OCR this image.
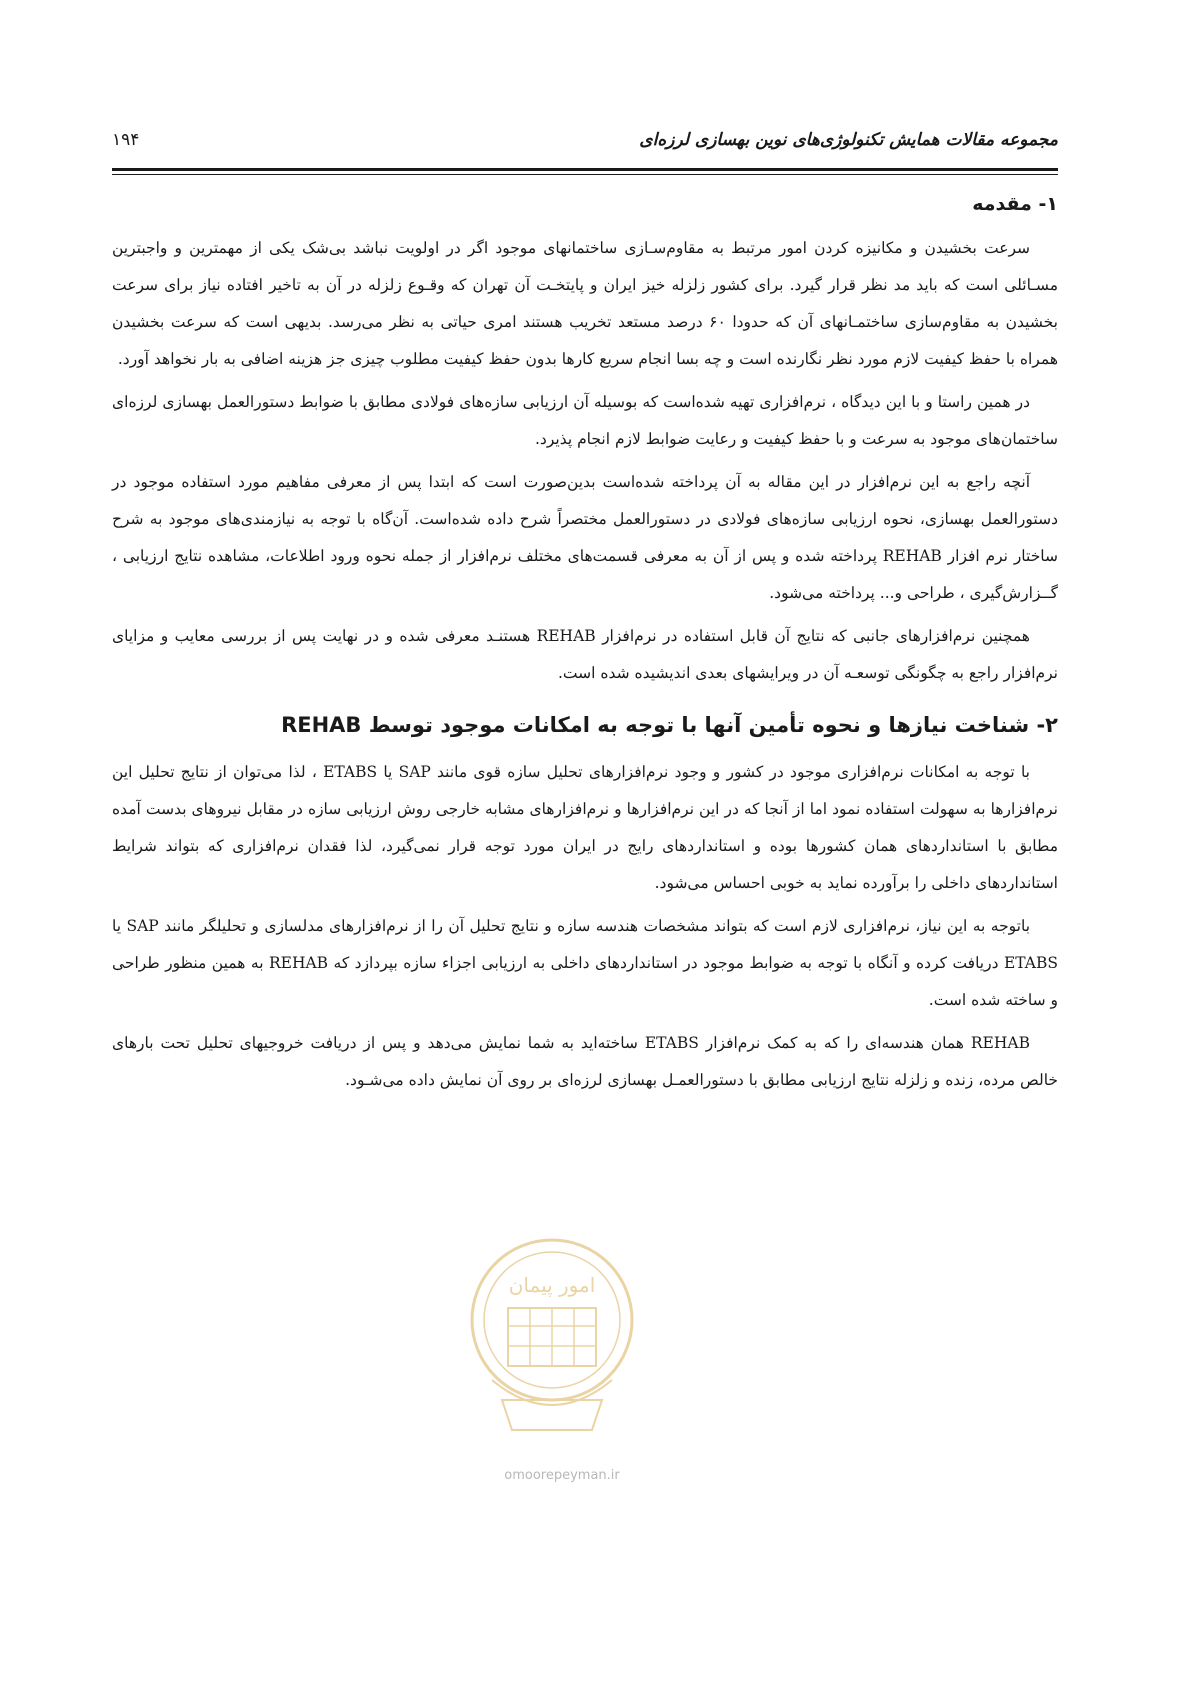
مجموعه مقالات همایش تکنولوژی‌های نوین بهسازی لرزه‌ای
۱۹۴
۱- مقدمه

سرعت بخشیدن و مکانیزه کردن امور مرتبط به مقاوم‌سـازی ساختمانهای موجود اگر در اولویت نباشد بی‌شک یکی از مهمترین و واجبترین مسـائلی است که باید مد نظر قرار گیرد. برای کشور زلزله خیز ایران و پایتخـت آن تهران که وقـوع زلزله در آن به تاخیر افتاده نیاز برای سرعت بخشیدن به مقاوم‌سازی ساختمـانهای آن که حدودا ۶۰ درصد مستعد تخریب هستند امری حیاتی به نظر می‌رسد. بدیهی است که سرعت بخشیدن همراه با حفظ کیفیت لازم مورد نظر نگارنده است و چه بسا انجام سریع کارها بدون حفظ کیفیت مطلوب چیزی جز هزینه اضافی به بار نخواهد آورد.

در همین راستا و با این دیدگاه ، نرم‌افزاری تهیه شده‌است که بوسیله آن ارزیابی سازه‌های فولادی مطابق با ضوابط دستورالعمل بهسازی لرزه‌ای ساختمان‌های موجود به سرعت و با حفظ کیفیت و رعایت ضوابط لازم انجام پذیرد.

آنچه راجع به این نرم‌افزار در این مقاله به آن پرداخته شده‌است بدین‌صورت است که ابتدا پس از معرفی مفاهیم مورد استفاده موجود در دستورالعمل بهسازی، نحوه ارزیابی سازه‌های فولادی در دستورالعمل مختصراً شرح داده شده‌است. آن‌گاه با توجه به نیازمندی‌های موجود به شرح ساختار نرم افزار REHAB پرداخته شده و پس از آن به معرفی قسمت‌های مختلف نرم‌افزار از جمله نحوه ورود اطلاعات، مشاهده نتایج ارزیابی ، گــزارش‌گیری ، طراحی و... پرداخته می‌شود.

همچنین نرم‌افزارهای جانبی که نتایج آن قابل استفاده در نرم‌افزار REHAB هستنـد معرفی شده و در نهایت پس از بررسی معایب و مزایای نرم‌افزار راجع به چگونگی توسعـه آن در ویرایشهای بعدی اندیشیده شده است.

۲- شناخت نیازها و نحوه تأمین آنها با توجه به امکانات موجود توسط REHAB

با توجه به امکانات نرم‌افزاری موجود در کشور و وجود نرم‌افزارهای تحلیل سازه قوی مانند SAP یا ETABS ، لذا می‌توان از نتایج تحلیل این نرم‌افزارها به سهولت استفاده نمود اما از آنجا که در این نرم‌افزارها و نرم‌افزارهای مشابه خارجی روش ارزیابی سازه در مقابل نیروهای بدست آمده مطابق با استانداردهای همان کشورها بوده و استانداردهای رایج در ایران مورد توجه قرار نمی‌گیرد، لذا فقدان نرم‌افزاری که بتواند شرایط استانداردهای داخلی را برآورده نماید به خوبی احساس می‌شود.

باتوجه به این نیاز، نرم‌افزاری لازم است که بتواند مشخصات هندسه سازه و نتایج تحلیل آن را از نرم‌افزارهای مدلسازی و تحلیلگر مانند SAP یا ETABS دریافت کرده و آنگاه با توجه به ضوابط موجود در استانداردهای داخلی به ارزیابی اجزاء سازه بپردازد که REHAB به همین منظور طراحی و ساخته شده است.

REHAB همان هندسه‌ای را که به کمک نرم‌افزار ETABS ساخته‌اید به شما نمایش می‌دهد و پس از دریافت خروجیهای تحلیل تحت بارهای خالص مرده، زنده و زلزله نتایج ارزیابی مطابق با دستورالعمـل بهسازی لرزه‌ای بر روی آن نمایش داده می‌شـود.

امور پیمان
omoorepeyman.ir
